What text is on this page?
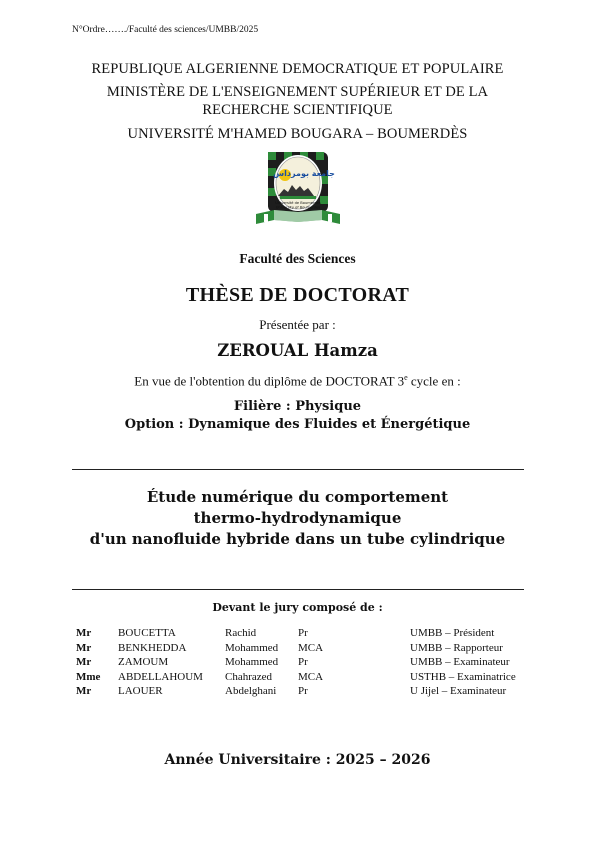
N°Ordre……./Faculté des sciences/UMBB/2025
REPUBLIQUE ALGERIENNE DEMOCRATIQUE ET POPULAIRE
MINISTÈRE DE L'ENSEIGNEMENT SUPÉRIEUR ET DE LA
RECHERCHE SCIENTIFIQUE
UNIVERSITÉ M'HAMED BOUGARA – BOUMERDÈS
جامعة بومرداس
Université de Boumerdes
University of Boumerdes
Faculté des Sciences
THÈSE DE DOCTORAT
Présentée par :
ZEROUAL Hamza
En vue de l'obtention du diplôme de DOCTORAT 3e cycle en :
Filière : Physique
Option : Dynamique des Fluides et Énergétique
Étude numérique du comportement
thermo-hydrodynamique
d'un nanofluide hybride dans un tube cylindrique
Devant le jury composé de :
Mr	BOUCETTA	Rachid	Pr	UMBB – Président
Mr	BENKHEDDA	Mohammed	MCA	UMBB – Rapporteur
Mr	ZAMOUM	Mohammed	Pr	UMBB – Examinateur
Mme	ABDELLAHOUM	Chahrazed	MCA	USTHB – Examinatrice
Mr	LAOUER	Abdelghani	Pr	U Jijel – Examinateur
Année Universitaire : 2025 – 2026
